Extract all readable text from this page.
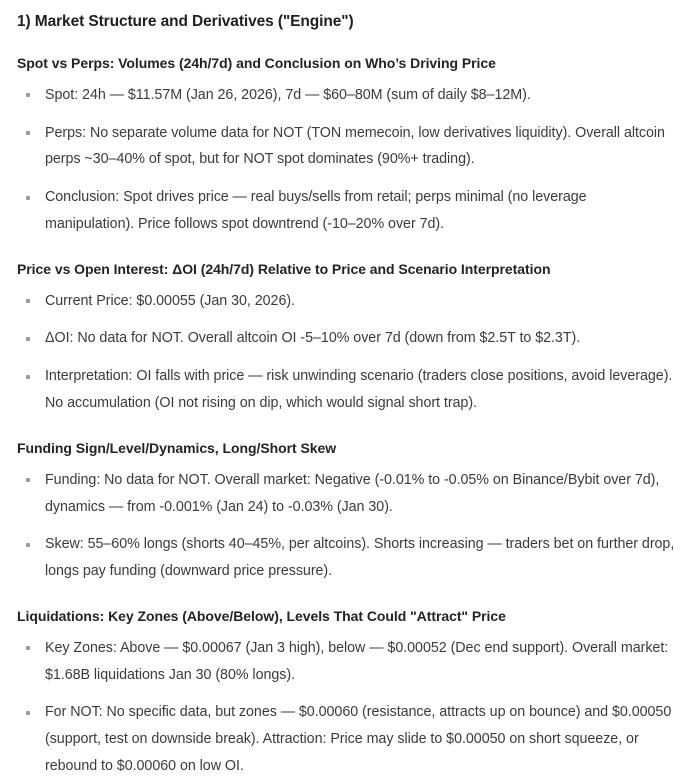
1) Market Structure and Derivatives ("Engine")
Spot vs Perps: Volumes (24h/7d) and Conclusion on Who’s Driving Price
Spot: 24h — $11.57M (Jan 26, 2026), 7d — $60–80M (sum of daily $8–12M).
Perps: No separate volume data for NOT (TON memecoin, low derivatives liquidity). Overall altcoin perps ~30–40% of spot, but for NOT spot dominates (90%+ trading).
Conclusion: Spot drives price — real buys/sells from retail; perps minimal (no leverage manipulation). Price follows spot downtrend (-10–20% over 7d).
Price vs Open Interest: ΔOI (24h/7d) Relative to Price and Scenario Interpretation
Current Price: $0.00055 (Jan 30, 2026).
ΔOI: No data for NOT. Overall altcoin OI -5–10% over 7d (down from $2.5T to $2.3T).
Interpretation: OI falls with price — risk unwinding scenario (traders close positions, avoid leverage). No accumulation (OI not rising on dip, which would signal short trap).
Funding Sign/Level/Dynamics, Long/Short Skew
Funding: No data for NOT. Overall market: Negative (-0.01% to -0.05% on Binance/Bybit over 7d), dynamics — from -0.001% (Jan 24) to -0.03% (Jan 30).
Skew: 55–60% longs (shorts 40–45%, per altcoins). Shorts increasing — traders bet on further drop, longs pay funding (downward price pressure).
Liquidations: Key Zones (Above/Below), Levels That Could "Attract" Price
Key Zones: Above — $0.00067 (Jan 3 high), below — $0.00052 (Dec end support). Overall market: $1.68B liquidations Jan 30 (80% longs).
For NOT: No specific data, but zones — $0.00060 (resistance, attracts up on bounce) and $0.00050 (support, test on downside break). Attraction: Price may slide to $0.00050 on short squeeze, or rebound to $0.00060 on low OI.
